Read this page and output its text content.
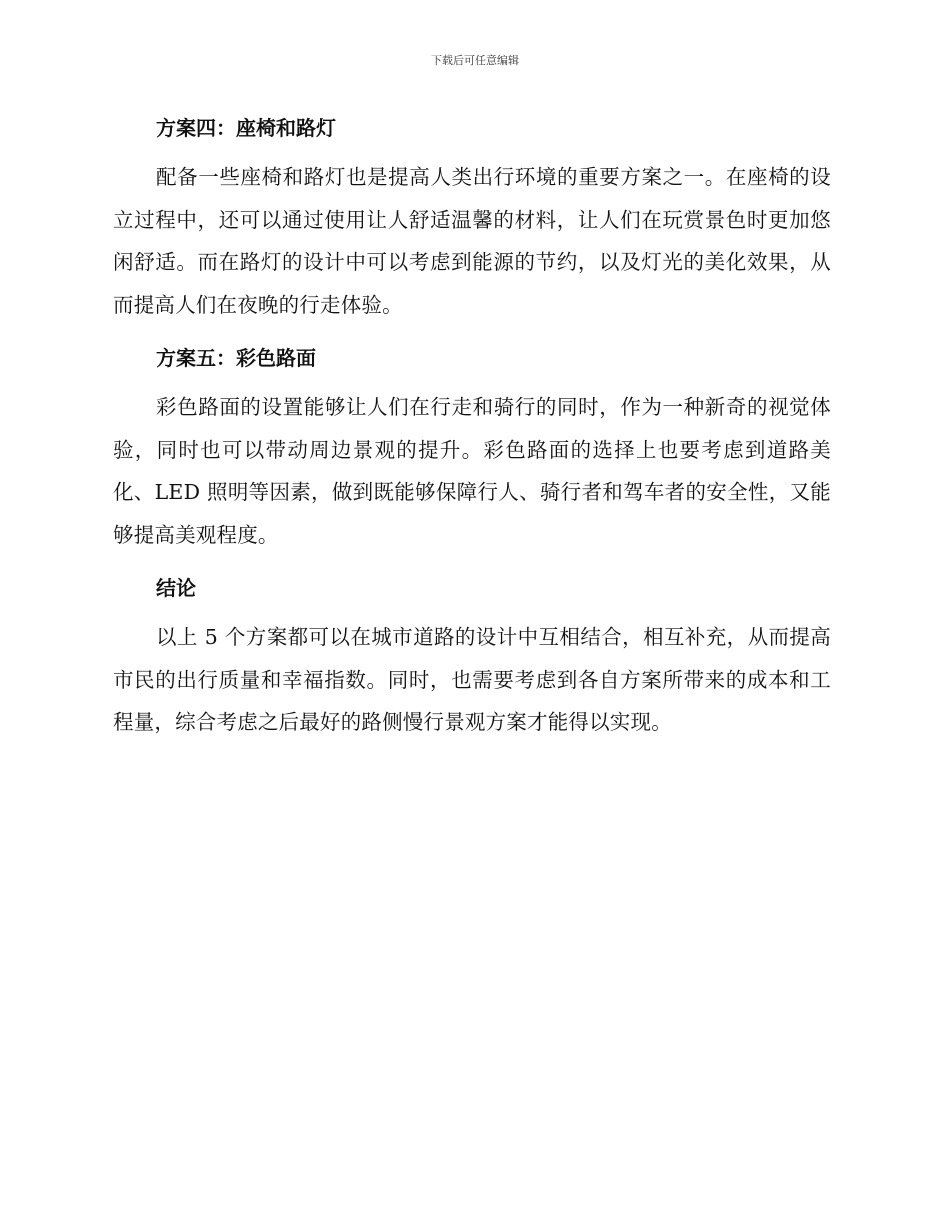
下载后可任意编辑
方案四：座椅和路灯

配备一些座椅和路灯也是提高人类出行环境的重要方案之一。在座椅的设立过程中，还可以通过使用让人舒适温馨的材料，让人们在玩赏景色时更加悠闲舒适。而在路灯的设计中可以考虑到能源的节约，以及灯光的美化效果，从而提高人们在夜晚的行走体验。

方案五：彩色路面

彩色路面的设置能够让人们在行走和骑行的同时，作为一种新奇的视觉体验，同时也可以带动周边景观的提升。彩色路面的选择上也要考虑到道路美化、LED 照明等因素，做到既能够保障行人、骑行者和驾车者的安全性，又能够提高美观程度。

结论

以上 5 个方案都可以在城市道路的设计中互相结合，相互补充，从而提高市民的出行质量和幸福指数。同时，也需要考虑到各自方案所带来的成本和工程量，综合考虑之后最好的路侧慢行景观方案才能得以实现。
